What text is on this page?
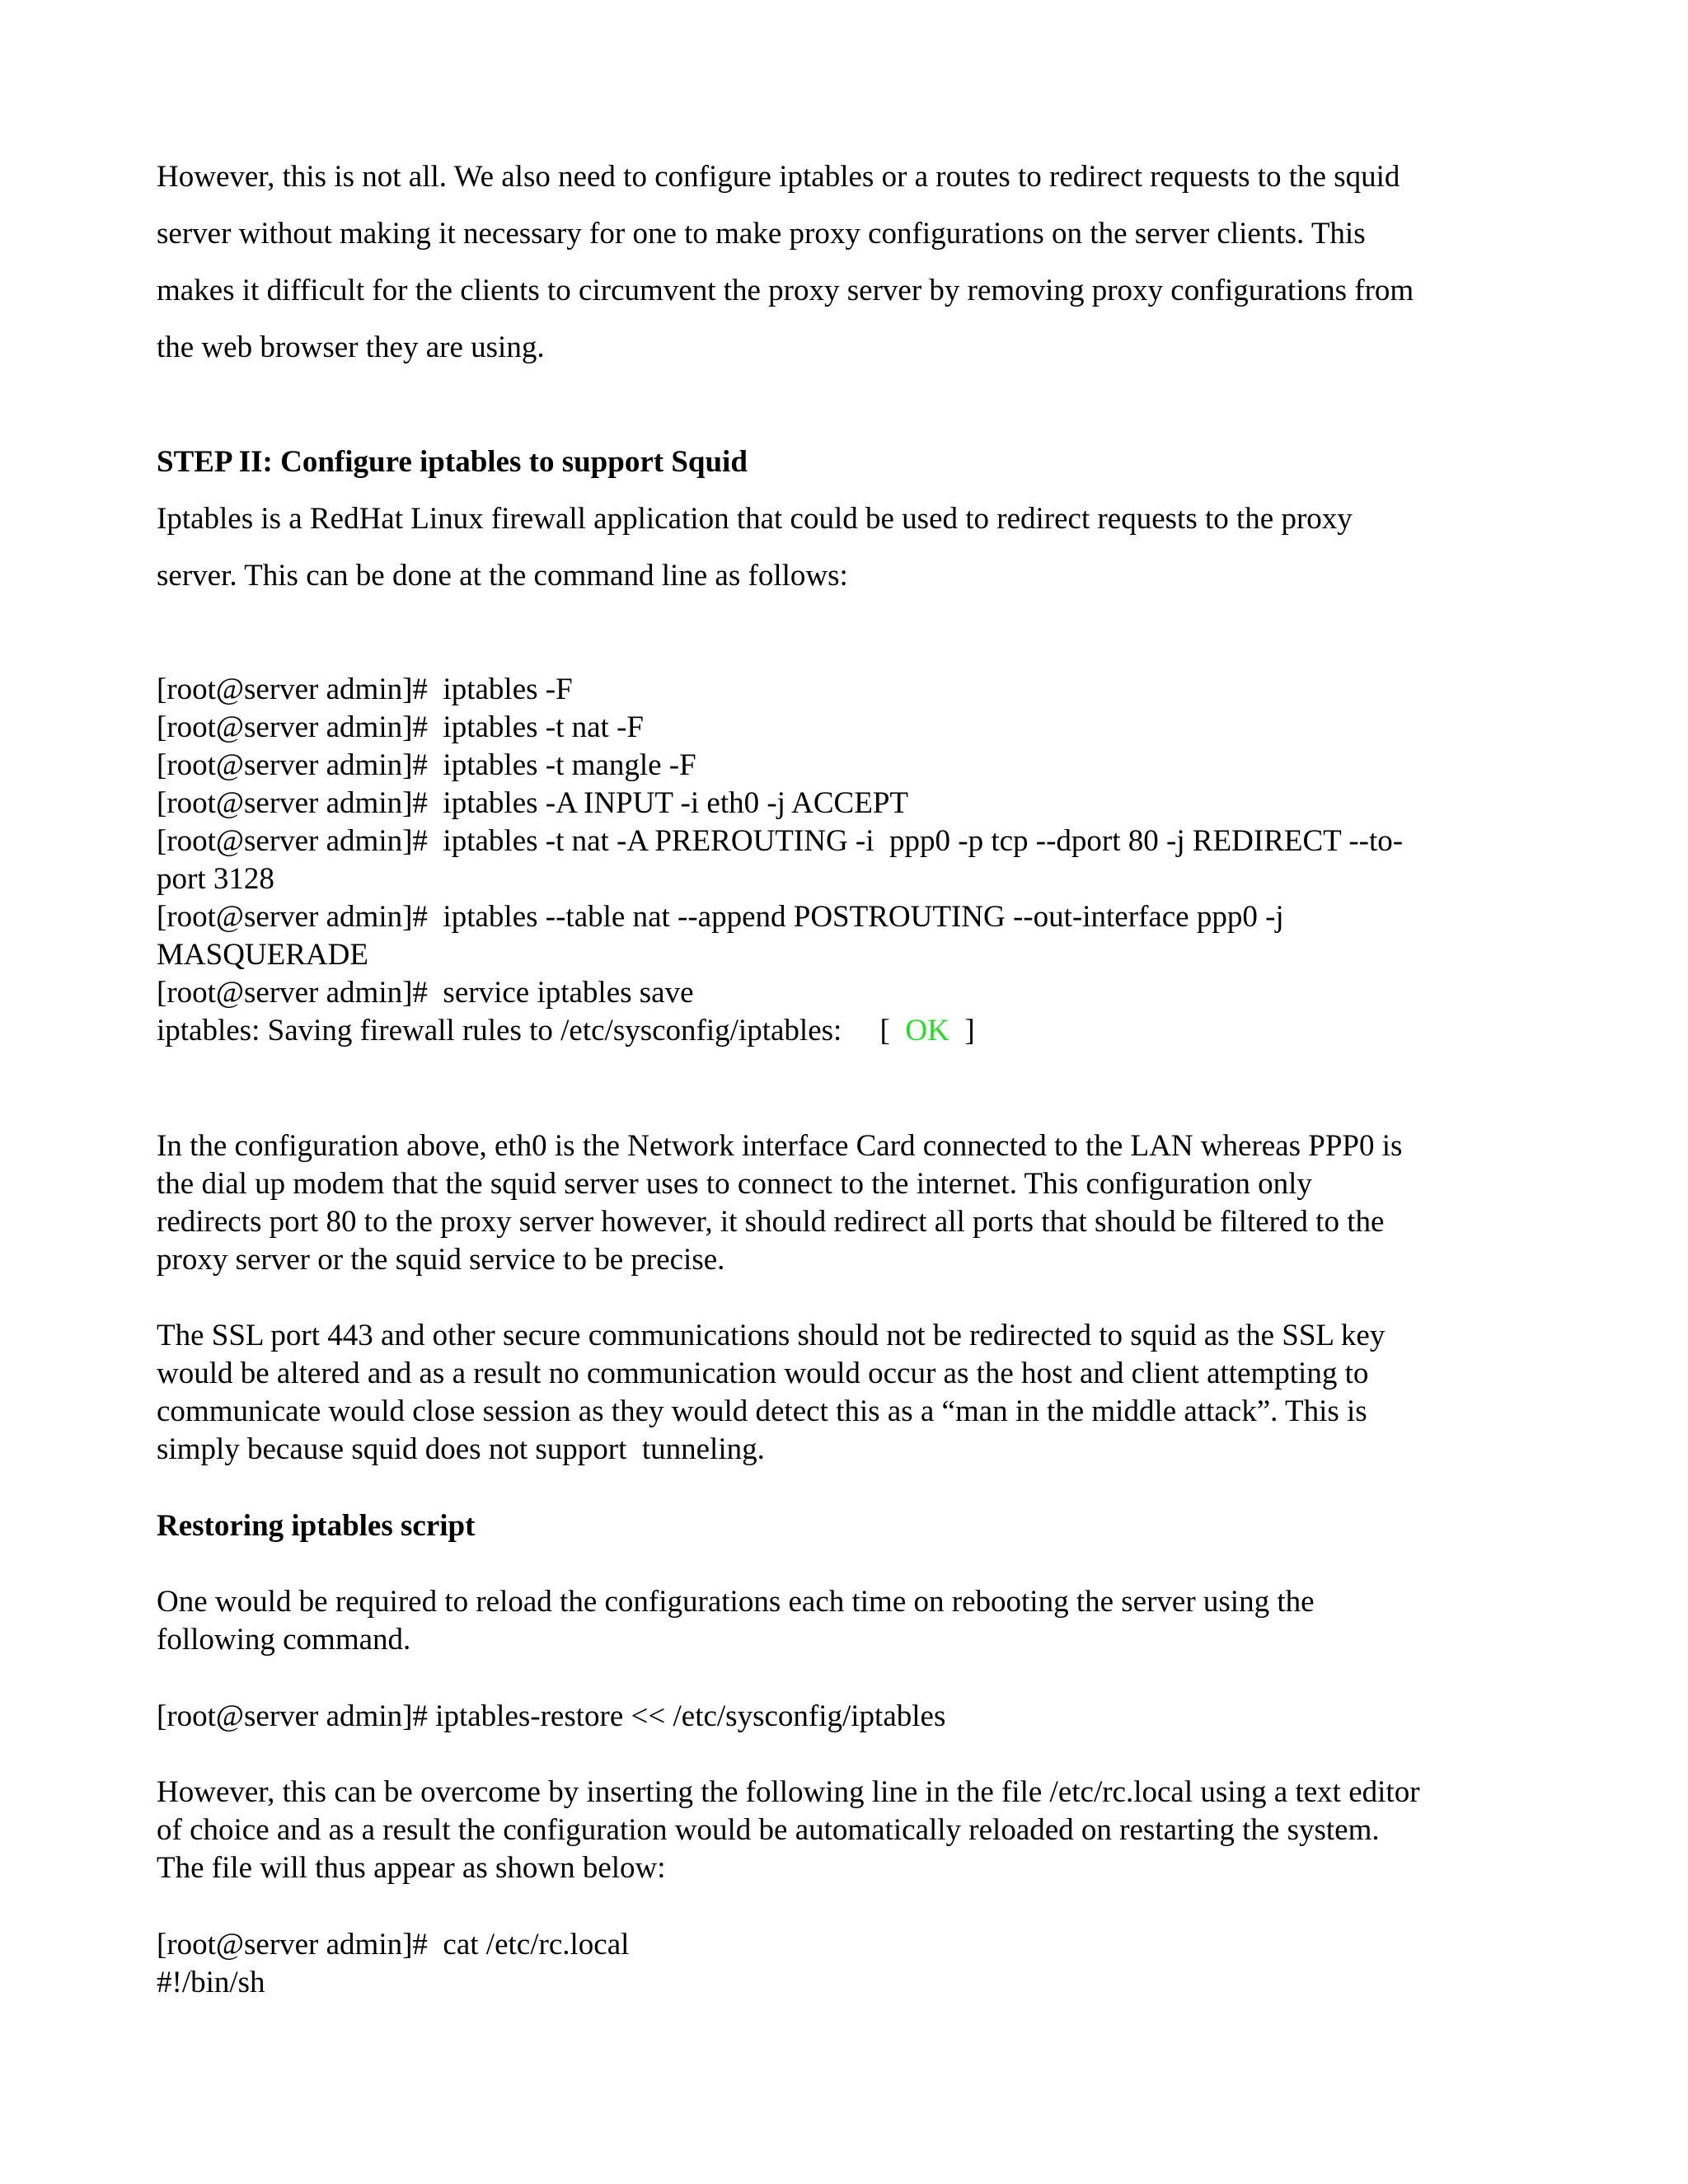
However, this is not all. We also need to configure iptables or a routes to redirect requests to the squid
server without making it necessary for one to make proxy configurations on the server clients. This
makes it difficult for the clients to circumvent the proxy server by removing proxy configurations from
the web browser they are using.
STEP II: Configure iptables to support Squid
Iptables is a RedHat Linux firewall application that could be used to redirect requests to the proxy
server. This can be done at the command line as follows:
[root@server admin]#  iptables -F
[root@server admin]#  iptables -t nat -F
[root@server admin]#  iptables -t mangle -F
[root@server admin]#  iptables -A INPUT -i eth0 -j ACCEPT
[root@server admin]#  iptables -t nat -A PREROUTING -i  ppp0 -p tcp --dport 80 -j REDIRECT --to-
port 3128
[root@server admin]#  iptables --table nat --append POSTROUTING --out-interface ppp0 -j
MASQUERADE
[root@server admin]#  service iptables save
iptables: Saving firewall rules to /etc/sysconfig/iptables:     [  OK  ]
In the configuration above, eth0 is the Network interface Card connected to the LAN whereas PPP0 is
the dial up modem that the squid server uses to connect to the internet. This configuration only
redirects port 80 to the proxy server however, it should redirect all ports that should be filtered to the
proxy server or the squid service to be precise.
The SSL port 443 and other secure communications should not be redirected to squid as the SSL key
would be altered and as a result no communication would occur as the host and client attempting to
communicate would close session as they would detect this as a “man in the middle attack”. This is
simply because squid does not support  tunneling.
Restoring iptables script
One would be required to reload the configurations each time on rebooting the server using the
following command.
[root@server admin]# iptables-restore << /etc/sysconfig/iptables
However, this can be overcome by inserting the following line in the file /etc/rc.local using a text editor
of choice and as a result the configuration would be automatically reloaded on restarting the system.
The file will thus appear as shown below:
[root@server admin]#  cat /etc/rc.local
#!/bin/sh
